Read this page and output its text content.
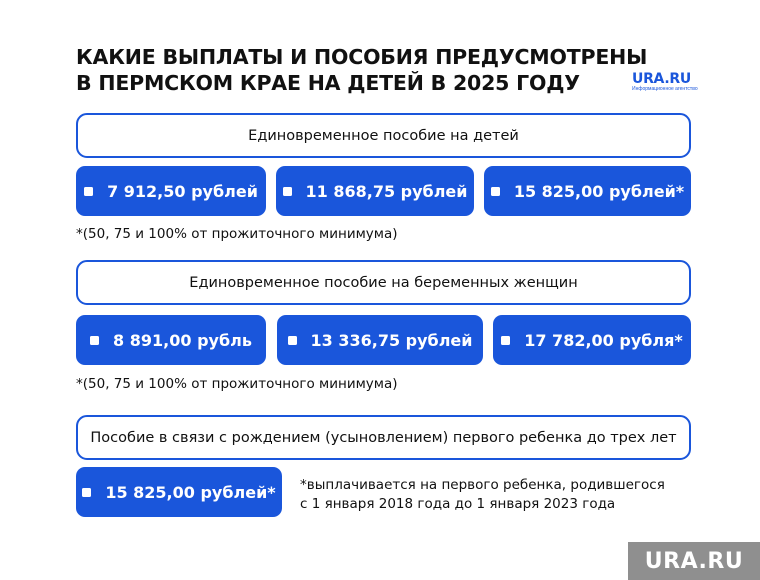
КАКИЕ ВЫПЛАТЫ И ПОСОБИЯ ПРЕДУСМОТРЕНЫ
В ПЕРМСКОМ КРАЕ НА ДЕТЕЙ В 2025 ГОДУ	URA.RU
Информационное агентство
Единовременное пособие на детей
7 912,50 рублей	11 868,75 рублей	15 825,00 рублей*
*(50, 75 и 100% от прожиточного минимума)
Единовременное пособие на беременных женщин
8 891,00 рубль	13 336,75 рублей	17 782,00 рубля*
*(50, 75 и 100% от прожиточного минимума)
Пособие в связи с рождением (усыновлением) первого ребенка до трех лет
15 825,00 рублей* *выплачивается на первого ребенка, родившегося
с 1 января 2018 года до 1 января 2023 года
URA.RU
